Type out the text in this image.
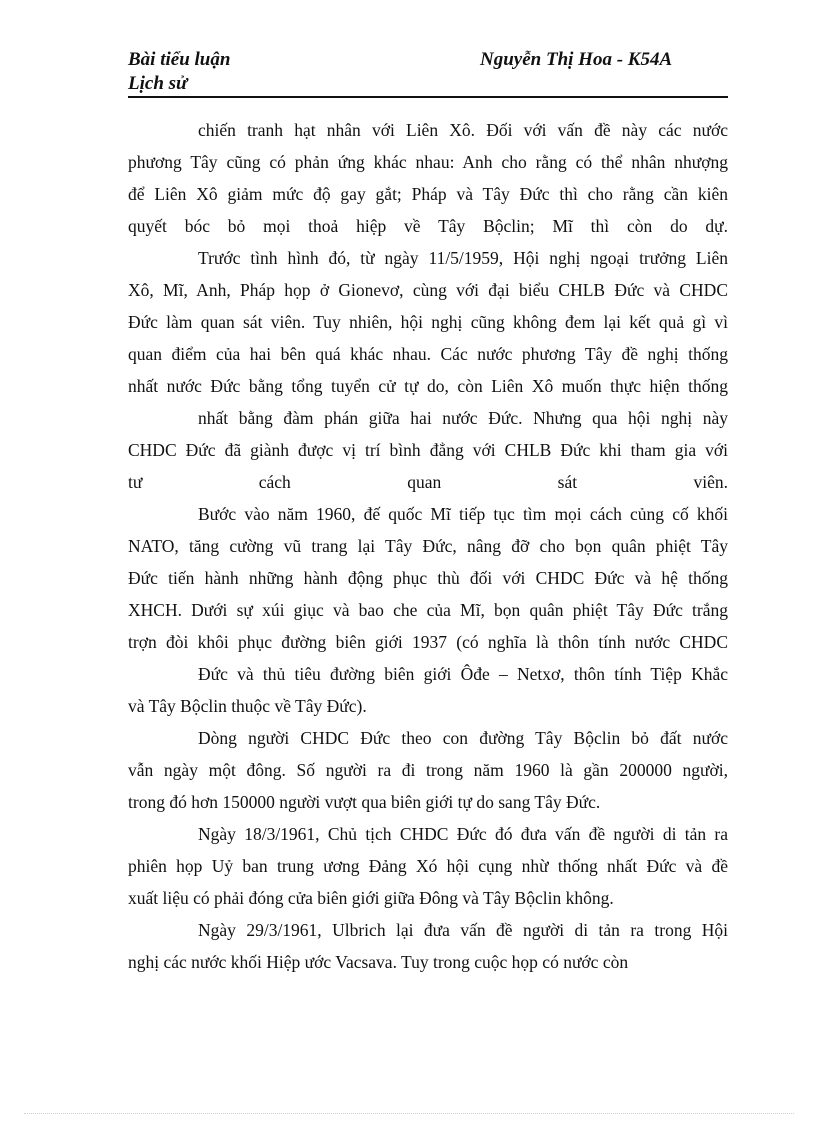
Bài tiểu luận	Nguyễn Thị Hoa - K54A
Lịch sử
chiến tranh hạt nhân với Liên Xô. Đối với vấn đề này các nước
phương Tây cũng có phản ứng khác nhau: Anh cho rằng có thể nhân nhượng
để Liên Xô giảm mức độ gay gắt; Pháp và Tây Đức thì cho rằng cần kiên
quyết bóc bỏ mọi thoả hiệp về Tây Bộclin; Mĩ thì còn do dự.
Trước tình hình đó, từ ngày 11/5/1959, Hội nghị ngoại trưởng Liên
Xô, Mĩ, Anh, Pháp họp ở Gionevơ, cùng với đại biểu CHLB Đức và CHDC
Đức làm quan sát viên. Tuy nhiên, hội nghị cũng không đem lại kết quả gì vì
quan điểm của hai bên quá khác nhau. Các nước phương Tây đề nghị thống
nhất nước Đức bằng tổng tuyển cử tự do, còn Liên Xô muốn thực hiện thống
nhất bằng đàm phán giữa hai nước Đức. Nhưng qua hội nghị này
CHDC Đức đã giành được vị trí bình đẳng với CHLB Đức khi tham gia với
tư cách quan sát viên.
Bước vào năm 1960, đế quốc Mĩ tiếp tục tìm mọi cách củng cố khối
NATO, tăng cường vũ trang lại Tây Đức, nâng đỡ cho bọn quân phiệt Tây
Đức tiến hành những hành động phục thù đối với CHDC Đức và hệ thống
XHCH. Dưới sự xúi giục và bao che của Mĩ, bọn quân phiệt Tây Đức trắng
trợn đòi khôi phục đường biên giới 1937 (có nghĩa là thôn tính nước CHDC
Đức và thủ tiêu đường biên giới Ôđe – Netxơ, thôn tính Tiệp Khắc
và Tây Bộclin thuộc về Tây Đức).
Dòng người CHDC Đức theo con đường Tây Bộclin bỏ đất nước
vẫn ngày một đông. Số người ra đi trong năm 1960 là gần 200000 người,
trong đó hơn 150000 người vượt qua biên giới tự do sang Tây Đức.
Ngày 18/3/1961, Chủ tịch CHDC Đức đó đưa vấn đề người di tản ra
phiên họp Uỷ ban trung ương Đảng Xó hội cụng nhừ thống nhất Đức và đề
xuất liệu có phải đóng cửa biên giới giữa Đông và Tây Bộclin không.
Ngày 29/3/1961, Ulbrich lại đưa vấn đề người di tản ra trong Hội
nghị các nước khối Hiệp ước Vacsava. Tuy trong cuộc họp có nước còn
